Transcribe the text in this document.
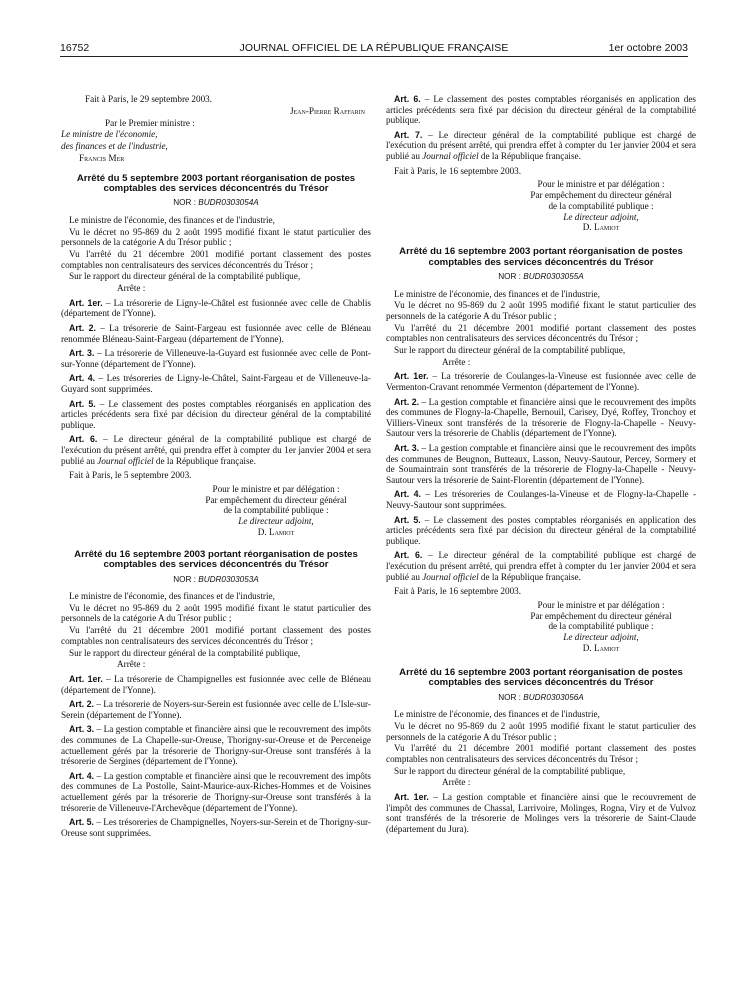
16752	JOURNAL OFFICIEL DE LA RÉPUBLIQUE FRANÇAISE	1er octobre 2003

Fait à Paris, le 29 septembre 2003.

Jean-Pierre Raffarin

Par le Premier ministre :

Le ministre de l'économie,

des finances et de l'industrie,

Francis Mer

Arrêté du 5 septembre 2003 portant réorganisation de postes comptables des services déconcentrés du Trésor
NOR : BUDR0303054A

Le ministre de l'économie, des finances et de l'industrie,

Vu le décret no 95-869 du 2 août 1995 modifié fixant le statut particulier des personnels de la catégorie A du Trésor public ;

Vu l'arrêté du 21 décembre 2001 modifié portant classement des postes comptables non centralisateurs des services déconcentrés du Trésor ;

Sur le rapport du directeur général de la comptabilité publique,

Arrête :

Art. 1er. – La trésorerie de Ligny-le-Châtel est fusionnée avec celle de Chablis (département de l'Yonne).

Art. 2. – La trésorerie de Saint-Fargeau est fusionnée avec celle de Bléneau renommée Bléneau-Saint-Fargeau (département de l'Yonne).

Art. 3. – La trésorerie de Villeneuve-la-Guyard est fusionnée avec celle de Pont-sur-Yonne (département de l'Yonne).

Art. 4. – Les trésoreries de Ligny-le-Châtel, Saint-Fargeau et de Villeneuve-la-Guyard sont supprimées.

Art. 5. – Le classement des postes comptables réorganisés en application des articles précédents sera fixé par décision du directeur général de la comptabilité publique.

Art. 6. – Le directeur général de la comptabilité publique est chargé de l'exécution du présent arrêté, qui prendra effet à compter du 1er janvier 2004 et sera publié au Journal officiel de la République française.

Fait à Paris, le 5 septembre 2003.

Pour le ministre et par délégation :
Par empêchement du directeur général
de la comptabilité publique :
Le directeur adjoint,
D. Lamiot
Arrêté du 16 septembre 2003 portant réorganisation de postes comptables des services déconcentrés du Trésor
NOR : BUDR0303053A

Le ministre de l'économie, des finances et de l'industrie,

Vu le décret no 95-869 du 2 août 1995 modifié fixant le statut particulier des personnels de la catégorie A du Trésor public ;

Vu l'arrêté du 21 décembre 2001 modifié portant classement des postes comptables non centralisateurs des services déconcentrés du Trésor ;

Sur le rapport du directeur général de la comptabilité publique,

Arrête :

Art. 1er. – La trésorerie de Champignelles est fusionnée avec celle de Bléneau (département de l'Yonne).

Art. 2. – La trésorerie de Noyers-sur-Serein est fusionnée avec celle de L'Isle-sur-Serein (département de l'Yonne).

Art. 3. – La gestion comptable et financière ainsi que le recouvrement des impôts des communes de La Chapelle-sur-Oreuse, Thorigny-sur-Oreuse et de Perceneige actuellement gérés par la trésorerie de Thorigny-sur-Oreuse sont transférés à la trésorerie de Sergines (département de l'Yonne).

Art. 4. – La gestion comptable et financière ainsi que le recouvrement des impôts des communes de La Postolle, Saint-Maurice-aux-Riches-Hommes et de Voisines actuellement gérés par la trésorerie de Thorigny-sur-Oreuse sont transférés à la trésorerie de Villeneuve-l'Archevêque (département de l'Yonne).

Art. 5. – Les trésoreries de Champignelles, Noyers-sur-Serein et de Thorigny-sur-Oreuse sont supprimées.

Art. 6. – Le classement des postes comptables réorganisés en application des articles précédents sera fixé par décision du directeur général de la comptabilité publique.

Art. 7. – Le directeur général de la comptabilité publique est chargé de l'exécution du présent arrêté, qui prendra effet à compter du 1er janvier 2004 et sera publié au Journal officiel de la République française.

Fait à Paris, le 16 septembre 2003.

Pour le ministre et par délégation :
Par empêchement du directeur général
de la comptabilité publique :
Le directeur adjoint,
D. Lamiot
Arrêté du 16 septembre 2003 portant réorganisation de postes comptables des services déconcentrés du Trésor
NOR : BUDR0303055A

Le ministre de l'économie, des finances et de l'industrie,

Vu le décret no 95-869 du 2 août 1995 modifié fixant le statut particulier des personnels de la catégorie A du Trésor public ;

Vu l'arrêté du 21 décembre 2001 modifié portant classement des postes comptables non centralisateurs des services déconcentrés du Trésor ;

Sur le rapport du directeur général de la comptabilité publique,

Arrête :

Art. 1er. – La trésorerie de Coulanges-la-Vineuse est fusionnée avec celle de Vermenton-Cravant renommée Vermenton (département de l'Yonne).

Art. 2. – La gestion comptable et financière ainsi que le recouvrement des impôts des communes de Flogny-la-Chapelle, Bernouil, Carisey, Dyé, Roffey, Tronchoy et Villiers-Vineux sont transférés de la trésorerie de Flogny-la-Chapelle - Neuvy-Sautour vers la trésorerie de Chablis (département de l'Yonne).

Art. 3. – La gestion comptable et financière ainsi que le recouvrement des impôts des communes de Beugnon, Butteaux, Lasson, Neuvy-Sautour, Percey, Sormery et de Soumaintrain sont transférés de la trésorerie de Flogny-la-Chapelle - Neuvy-Sautour vers la trésorerie de Saint-Florentin (département de l'Yonne).

Art. 4. – Les trésoreries de Coulanges-la-Vineuse et de Flogny-la-Chapelle - Neuvy-Sautour sont supprimées.

Art. 5. – Le classement des postes comptables réorganisés en application des articles précédents sera fixé par décision du directeur général de la comptabilité publique.

Art. 6. – Le directeur général de la comptabilité publique est chargé de l'exécution du présent arrêté, qui prendra effet à compter du 1er janvier 2004 et sera publié au Journal officiel de la République française.

Fait à Paris, le 16 septembre 2003.

Pour le ministre et par délégation :
Par empêchement du directeur général
de la comptabilité publique :
Le directeur adjoint,
D. Lamiot
Arrêté du 16 septembre 2003 portant réorganisation de postes comptables des services déconcentrés du Trésor
NOR : BUDR0303056A

Le ministre de l'économie, des finances et de l'industrie,

Vu le décret no 95-869 du 2 août 1995 modifié fixant le statut particulier des personnels de la catégorie A du Trésor public ;

Vu l'arrêté du 21 décembre 2001 modifié portant classement des postes comptables non centralisateurs des services déconcentrés du Trésor ;

Sur le rapport du directeur général de la comptabilité publique,

Arrête :

Art. 1er. – La gestion comptable et financière ainsi que le recouvrement de l'impôt des communes de Chassal, Larrivoire, Molinges, Rogna, Viry et de Vulvoz sont transférés de la trésorerie de Molinges vers la trésorerie de Saint-Claude (département du Jura).
